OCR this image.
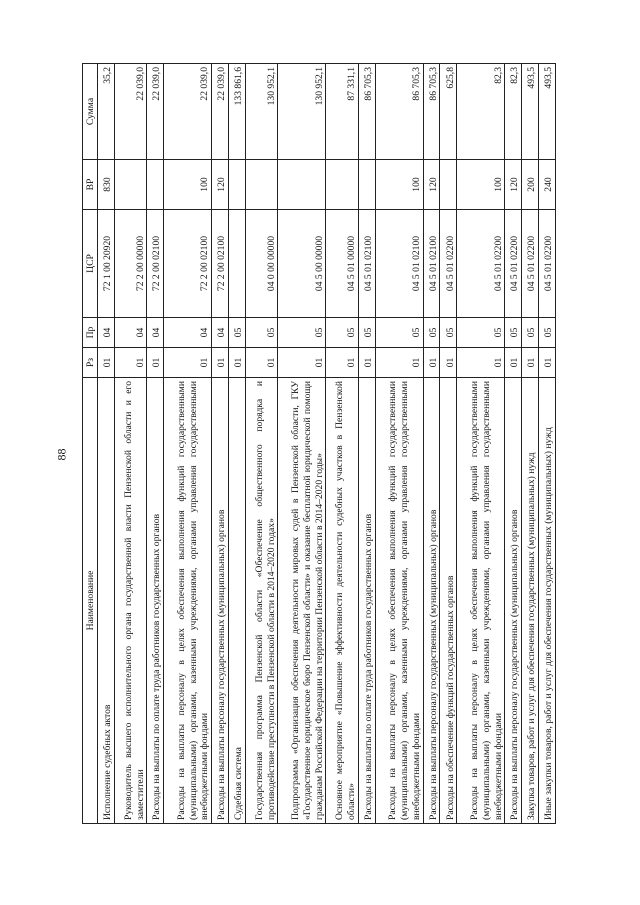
88
Наименование	Рз	Пр	ЦСР	ВР	Сумма
Исполнение судебных актов	01	04	72 1 00 20920	830	35,2
Руководитель высшего исполнительного органа государственной власти Пензенской области и его заместители	01	04	72 2 00 00000		22 039,0
Расходы на выплаты по оплате труда работников государственных органов	01	04	72 2 00 02100		22 039,0
Расходы на выплаты персоналу в целях обеспечения выполнения функций государственными (муниципальными) органами, казенными учреждениями, органами управления государственными внебюджетными фондами	01	04	72 2 00 02100	100	22 039,0
Расходы на выплаты персоналу государственных (муниципальных) органов	01	04	72 2 00 02100	120	22 039,0
Судебная система	01	05			133 861,6
Государственная программа Пензенской области «Обеспечение общественного порядка и противодействие преступности в Пензенской области в 2014–2020 годах»	01	05	04 0 00 00000		130 952,1
Подпрограмма «Организация обеспечения деятельности мировых судей в Пензенской области, ГКУ «Государственное юридическое бюро Пензенской области» и оказание бесплатной юридической помощи гражданам Российской Федерации на территории Пензенской области в 2014–2020 годы»	01	05	04 5 00 00000		130 952,1
Основное мероприятие «Повышение эффективности деятельности судебных участков в Пензенской области»	01	05	04 5 01 00000		87 331,1
Расходы на выплаты по оплате труда работников государственных органов	01	05	04 5 01 02100		86 705,3
Расходы на выплаты персоналу в целях обеспечения выполнения функций государственными (муниципальными) органами, казенными учреждениями, органами управления государственными внебюджетными фондами	01	05	04 5 01 02100	100	86 705,3
Расходы на выплаты персоналу государственных (муниципальных) органов	01	05	04 5 01 02100	120	86 705,3
Расходы на обеспечение функций государственных органов	01	05	04 5 01 02200		625,8
Расходы на выплаты персоналу в целях обеспечения выполнения функций государственными (муниципальными) органами, казенными учреждениями, органами управления государственными внебюджетными фондами	01	05	04 5 01 02200	100	82,3
Расходы на выплаты персоналу государственных (муниципальных) органов	01	05	04 5 01 02200	120	82,3
Закупка товаров, работ и услуг для обеспечения государственных (муниципальных) нужд	01	05	04 5 01 02200	200	493,5
Иные закупки товаров, работ и услуг для обеспечения государственных (муниципальных) нужд	01	05	04 5 01 02200	240	493,5
